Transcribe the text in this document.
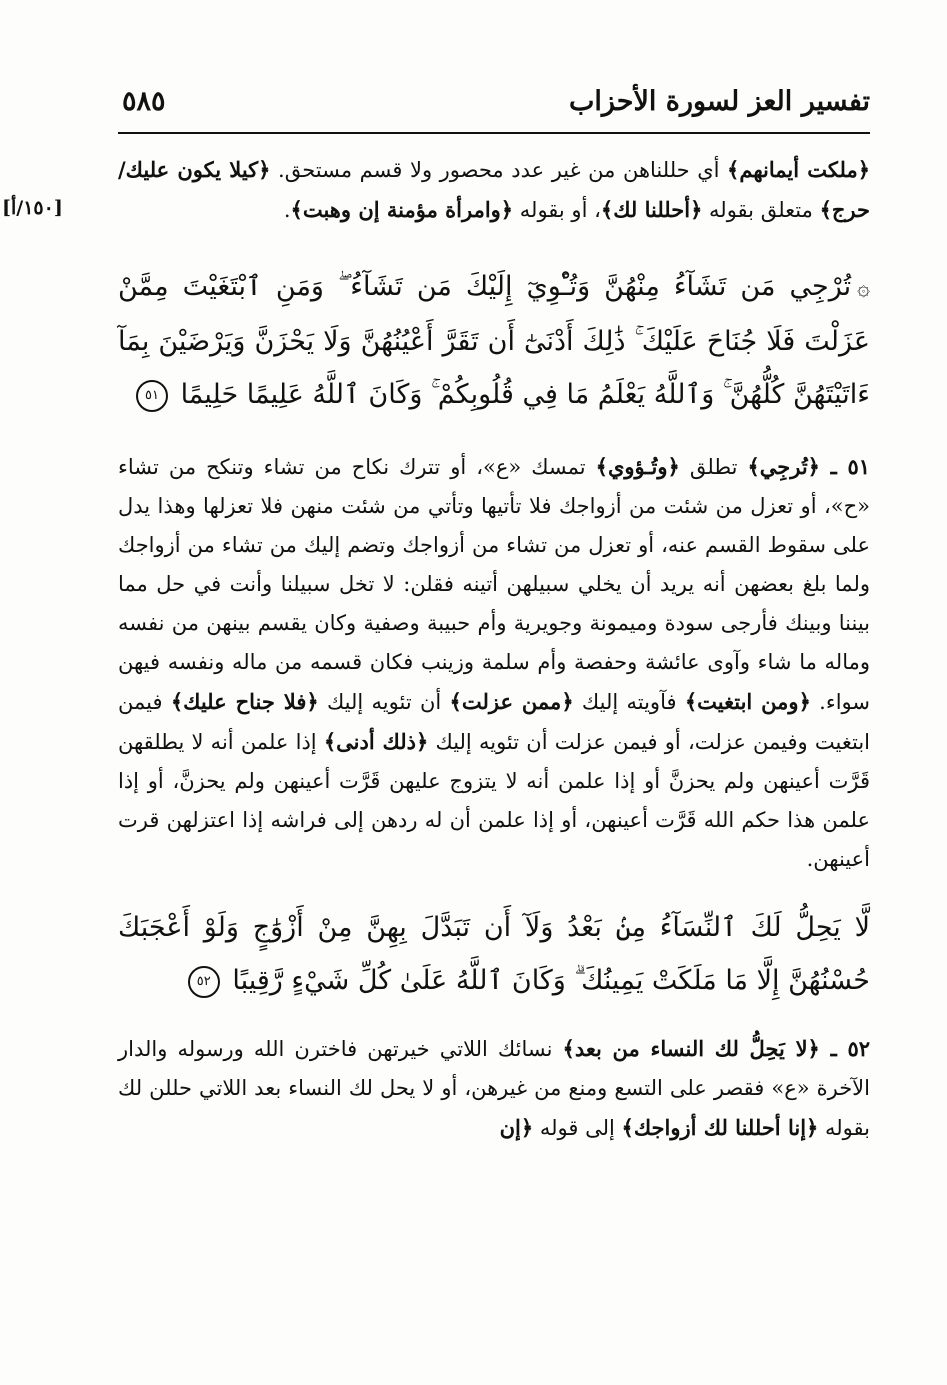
تفسير العز لسورة الأحزاب
٥٨٥
[١٥٠/أ]
﴿ملكت أيمانهم﴾ أي حللناهن من غير عدد محصور ولا قسم مستحق. ﴿كيلا يكون عليك/ حرج﴾ متعلق بقوله ﴿أحللنا لك﴾، أو بقوله ﴿وامرأة مؤمنة إن وهبت﴾.
۞تُرْجِي مَن تَشَآءُ مِنْهُنَّ وَتُـْٔوِيٓ إِلَيْكَ مَن تَشَآءُ ۖ وَمَنِ ٱبْتَغَيْتَ مِمَّنْ عَزَلْتَ فَلَا جُنَاحَ عَلَيْكَ ۚ ذَٰلِكَ أَدْنَىٰٓ أَن تَقَرَّ أَعْيُنُهُنَّ وَلَا يَحْزَنَّ وَيَرْضَيْنَ بِمَآ ءَاتَيْتَهُنَّ كُلُّهُنَّ ۚ وَٱللَّهُ يَعْلَمُ مَا فِي قُلُوبِكُمْ ۚ وَكَانَ ٱللَّهُ عَلِيمًا حَلِيمًا ٥١
٥١ ـ ﴿تُرجِي﴾ تطلق ﴿وتُـؤوي﴾ تمسك «ع»، أو تترك نكاح من تشاء وتنكح من تشاء «ح»، أو تعزل من شئت من أزواجك فلا تأتيها وتأتي من شئت منهن فلا تعزلها وهذا يدل على سقوط القسم عنه، أو تعزل من تشاء من أزواجك وتضم إليك من تشاء من أزواجك ولما بلغ بعضهن أنه يريد أن يخلي سبيلهن أتينه فقلن: لا تخل سبيلنا وأنت في حل مما بيننا وبينك فأرجى سودة وميمونة وجويرية وأم حبيبة وصفية وكان يقسم بينهن من نفسه وماله ما شاء وآوى عائشة وحفصة وأم سلمة وزينب فكان قسمه من ماله ونفسه فيهن سواء. ﴿ومن ابتغيت﴾ فآويته إليك ﴿ممن عزلت﴾ أن تئويه إليك ﴿فلا جناح عليك﴾ فيمن ابتغيت وفيمن عزلت، أو فيمن عزلت أن تئويه إليك ﴿ذلك أدنى﴾ إذا علمن أنه لا يطلقهن قَرَّت أعينهن ولم يحزنَّ أو إذا علمن أنه لا يتزوج عليهن قَرَّت أعينهن ولم يحزنَّ، أو إذا علمن هذا حكم الله قَرَّت أعينهن، أو إذا علمن أن له ردهن إلى فراشه إذا اعتزلهن قرت أعينهن.
لَّا يَحِلُّ لَكَ ٱلنِّسَآءُ مِنۢ بَعْدُ وَلَآ أَن تَبَدَّلَ بِهِنَّ مِنْ أَزْوَٰجٍ وَلَوْ أَعْجَبَكَ حُسْنُهُنَّ إِلَّا مَا مَلَكَتْ يَمِينُكَ ۗ وَكَانَ ٱللَّهُ عَلَىٰ كُلِّ شَيْءٍ رَّقِيبًا ٥٢
٥٢ ـ ﴿لا يَحِلُّ لك النساء من بعد﴾ نسائك اللاتي خيرتهن فاخترن الله ورسوله والدار الآخرة «ع» فقصر على التسع ومنع من غيرهن، أو لا يحل لك النساء بعد اللاتي حللن لك بقوله ﴿إنا أحللنا لك أزواجك﴾ إلى قوله ﴿إن
